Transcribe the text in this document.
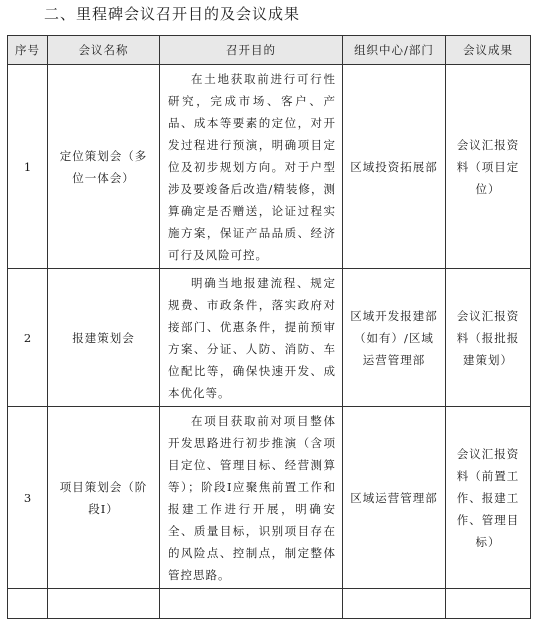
二、里程碑会议召开目的及会议成果
序号	会议名称	召开目的	组织中心/部门	会议成果
1	定位策划会（多位一体会）	在土地获取前进行可行性研究，完成市场、客户、产品、成本等要素的定位，对开发过程进行预演，明确项目定位及初步规划方向。对于户型涉及要竣备后改造/精装修，测算确定是否赠送，论证过程实施方案，保证产品品质、经济可行及风险可控。	区域投资拓展部	会议汇报资料（项目定位）

2	报建策划会	明确当地报建流程、规定规费、市政条件，落实政府对接部门、优惠条件，提前预审方案、分证、人防、消防、车位配比等，确保快速开发、成本优化等。	区域开发报建部（如有）/区域运营管理部	会议汇报资料（报批报建策划）

3	项目策划会（阶段Ⅰ）	在项目获取前对项目整体开发思路进行初步推演（含项目定位、管理目标、经营测算等）；阶段Ⅰ应聚焦前置工作和报建工作进行开展，明确安全、质量目标，识别项目存在的风险点、控制点，制定整体管控思路。	区域运营管理部	会议汇报资料（前置工作、报建工作、管理目标）
